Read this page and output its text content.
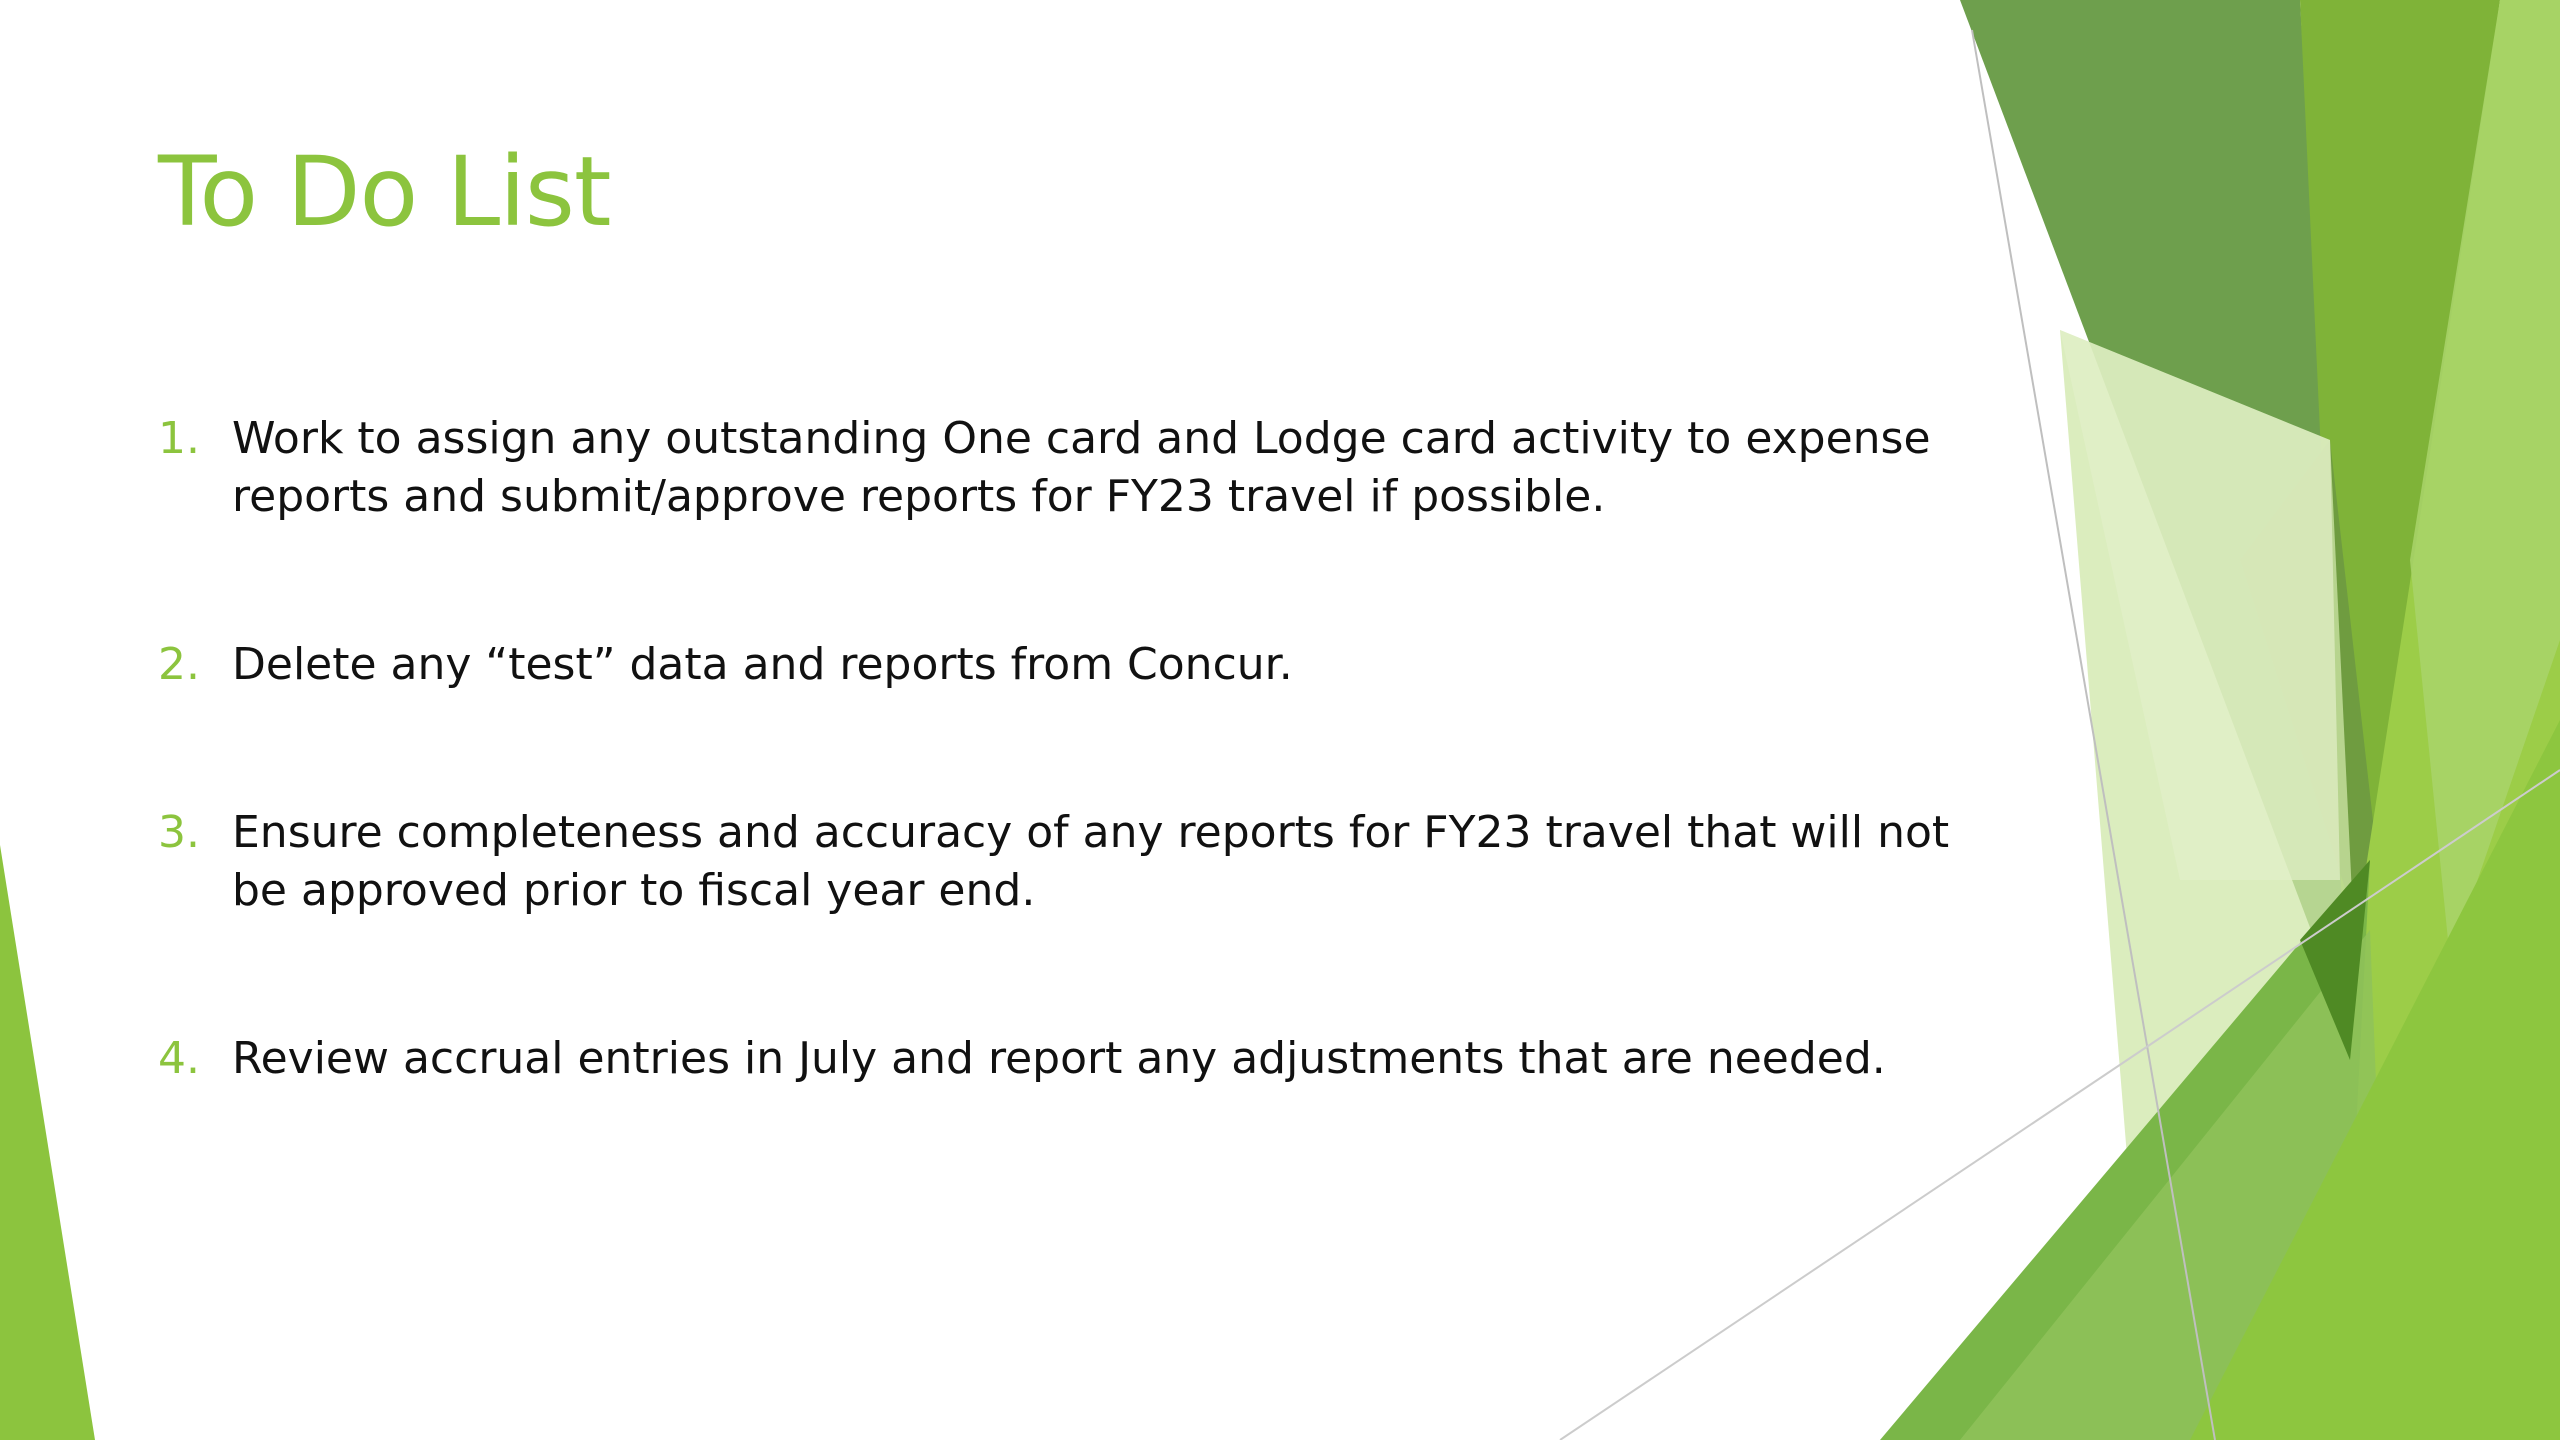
To Do List
1. Work to assign any outstanding One card and Lodge card activity to expense reports and submit/approve reports for FY23 travel if possible.
2. Delete any “test” data and reports from Concur.
3. Ensure completeness and accuracy of any reports for FY23 travel that will not be approved prior to fiscal year end.
4. Review accrual entries in July and report any adjustments that are needed.
